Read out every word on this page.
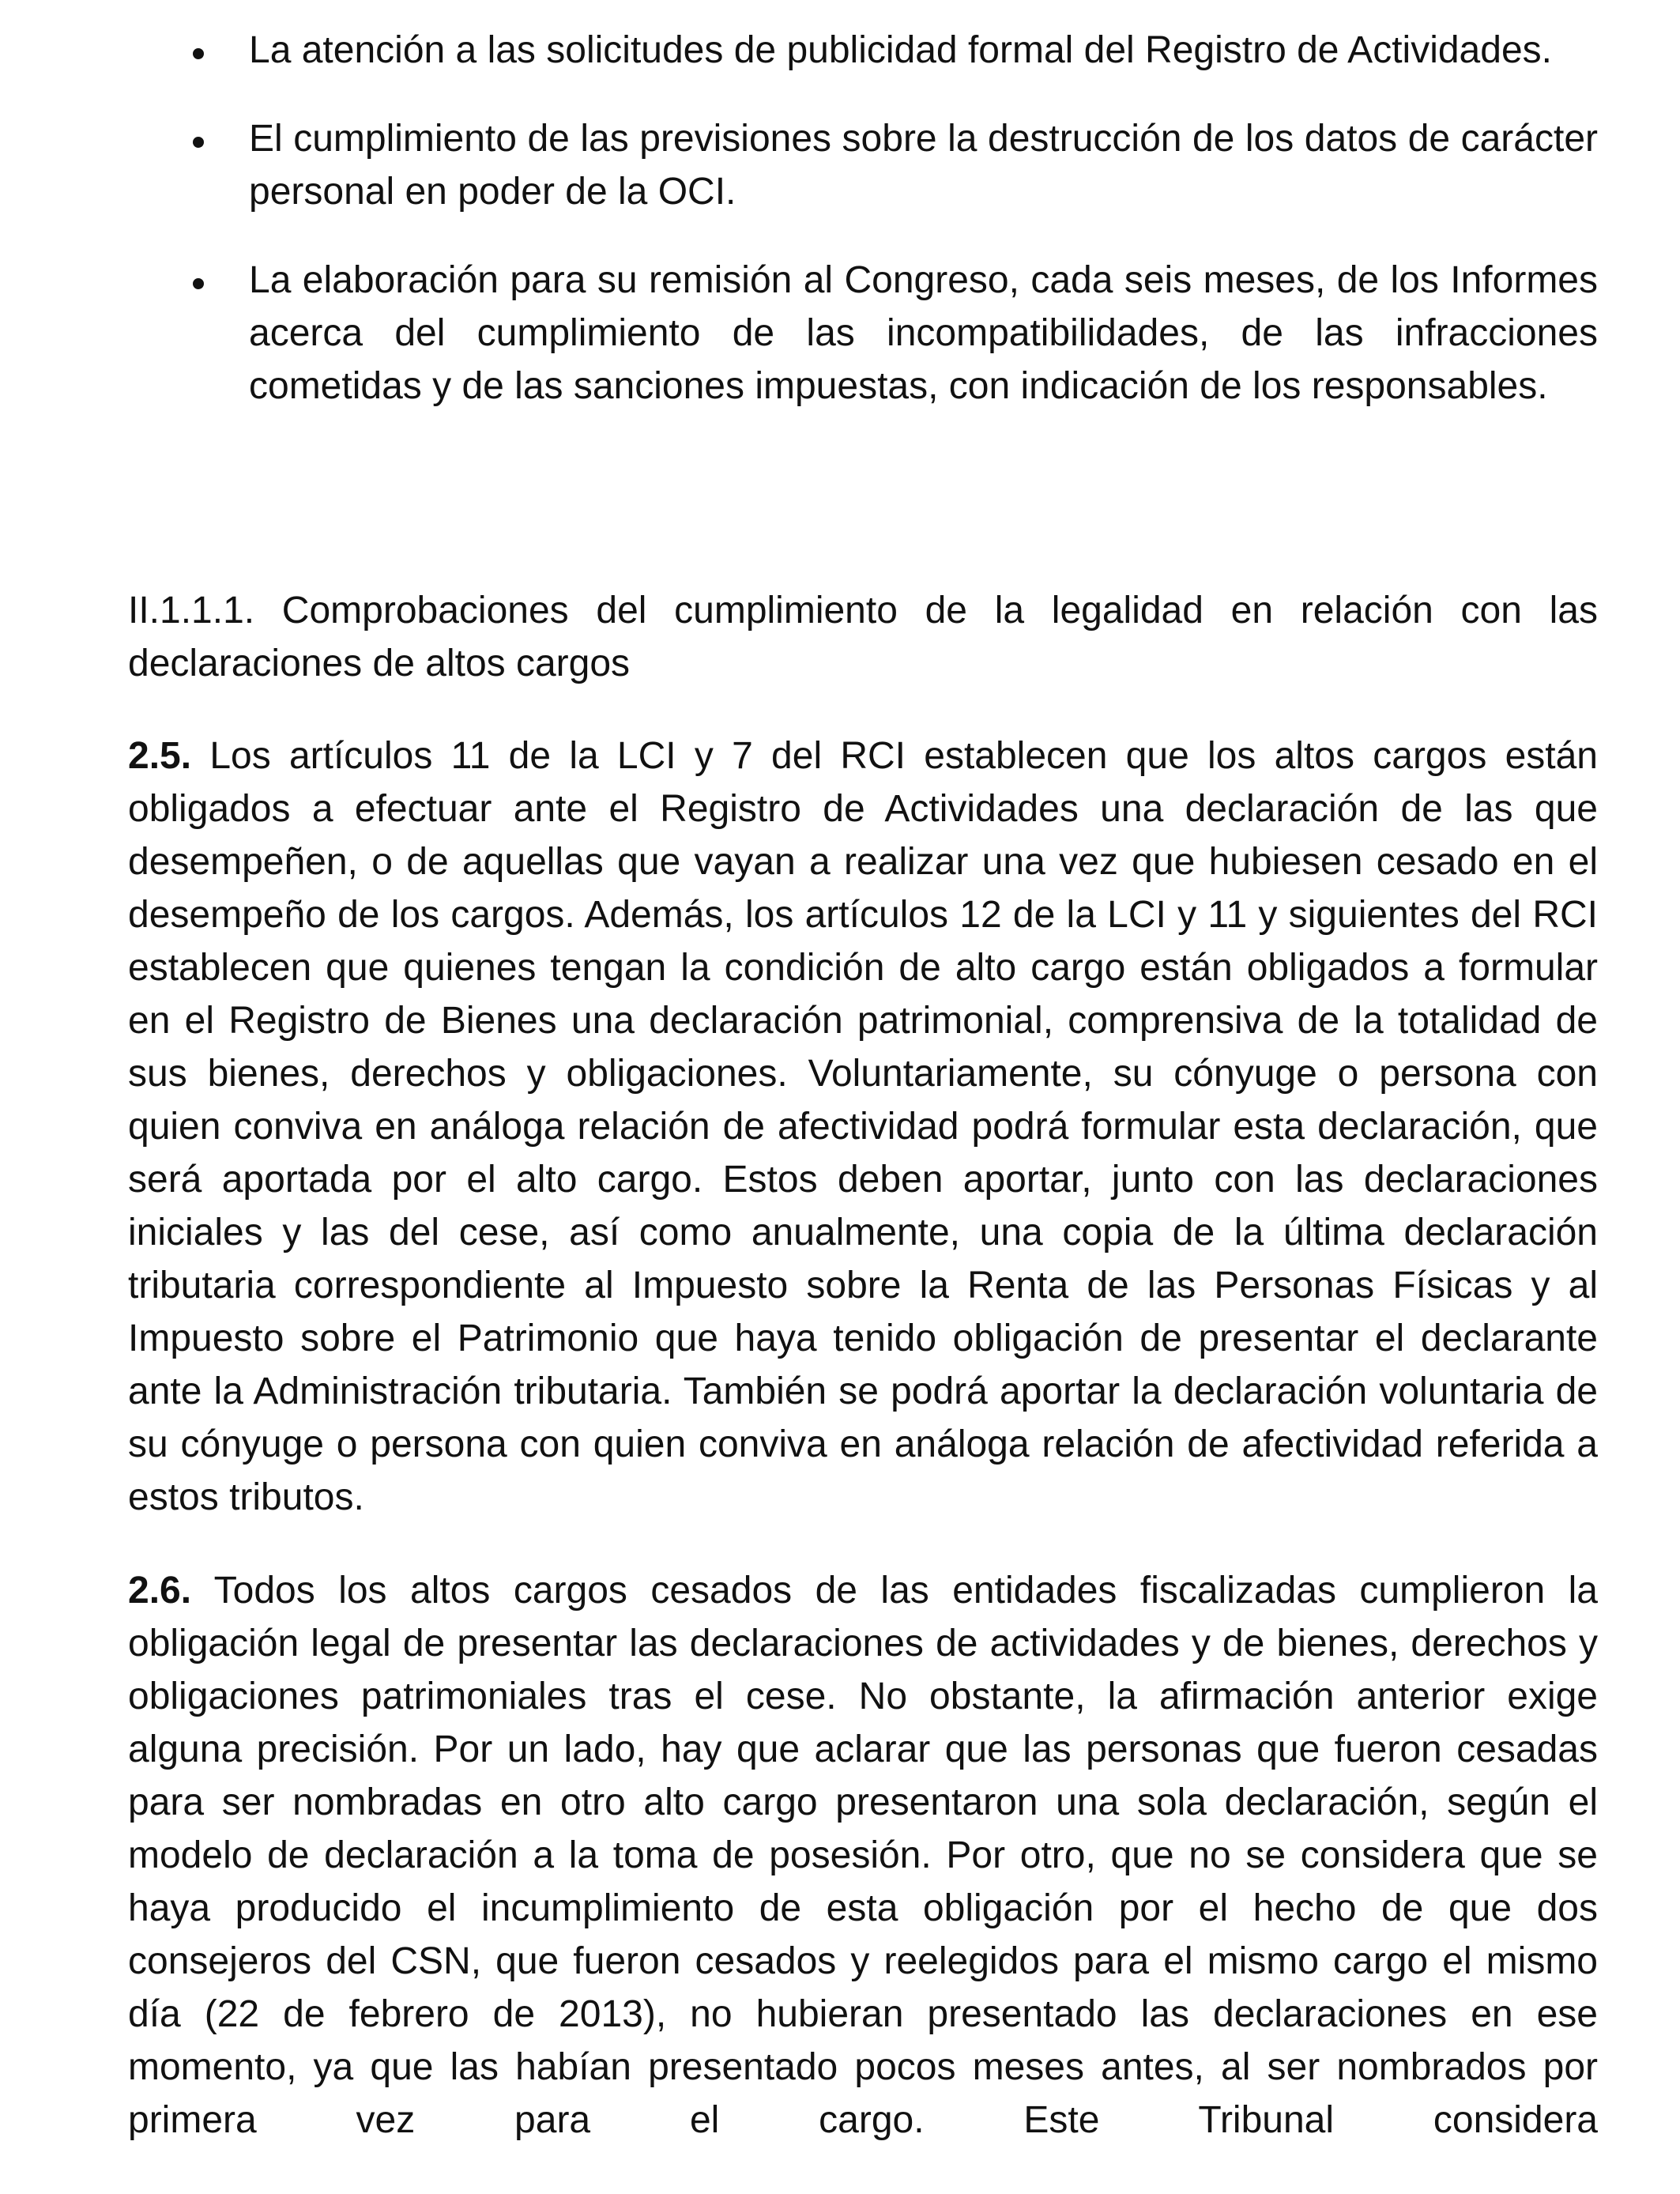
La atención a las solicitudes de publicidad formal del Registro de Actividades.
El cumplimiento de las previsiones sobre la destrucción de los datos de carácter personal en poder de la OCI.
La elaboración para su remisión al Congreso, cada seis meses, de los Informes acerca del cumplimiento de las incompatibilidades, de las infracciones cometidas y de las sanciones impuestas, con indicación de los responsables.
II.1.1.1. Comprobaciones del cumplimiento de la legalidad en relación con las declaraciones de altos cargos

2.5. Los artículos 11 de la LCI y 7 del RCI establecen que los altos cargos están obligados a efectuar ante el Registro de Actividades una declaración de las que desempeñen, o de aquellas que vayan a realizar una vez que hubiesen cesado en el desempeño de los cargos. Además, los artículos 12 de la LCI y 11 y siguientes del RCI establecen que quienes tengan la condición de alto cargo están obligados a formular en el Registro de Bienes una declaración patrimonial, comprensiva de la totalidad de sus bienes, derechos y obligaciones. Voluntariamente, su cónyuge o persona con quien conviva en análoga relación de afectividad podrá formular esta declaración, que será aportada por el alto cargo. Estos deben aportar, junto con las declaraciones iniciales y las del cese, así como anualmente, una copia de la última declaración tributaria correspondiente al Impuesto sobre la Renta de las Personas Físicas y al Impuesto sobre el Patrimonio que haya tenido obligación de presentar el declarante ante la Administración tributaria. También se podrá aportar la declaración voluntaria de su cónyuge o persona con quien conviva en análoga relación de afectividad referida a estos tributos.

2.6. Todos los altos cargos cesados de las entidades fiscalizadas cumplieron la obligación legal de presentar las declaraciones de actividades y de bienes, derechos y obligaciones patrimoniales tras el cese. No obstante, la afirmación anterior exige alguna precisión. Por un lado, hay que aclarar que las personas que fueron cesadas para ser nombradas en otro alto cargo presentaron una sola declaración, según el modelo de declaración a la toma de posesión. Por otro, que no se considera que se haya producido el incumplimiento de esta obligación por el hecho de que dos consejeros del CSN, que fueron cesados y reelegidos para el mismo cargo el mismo día (22 de febrero de 2013), no hubieran presentado las declaraciones en ese momento, ya que las habían presentado pocos meses antes, al ser nombrados por primera vez para el cargo. Este Tribunal considera
